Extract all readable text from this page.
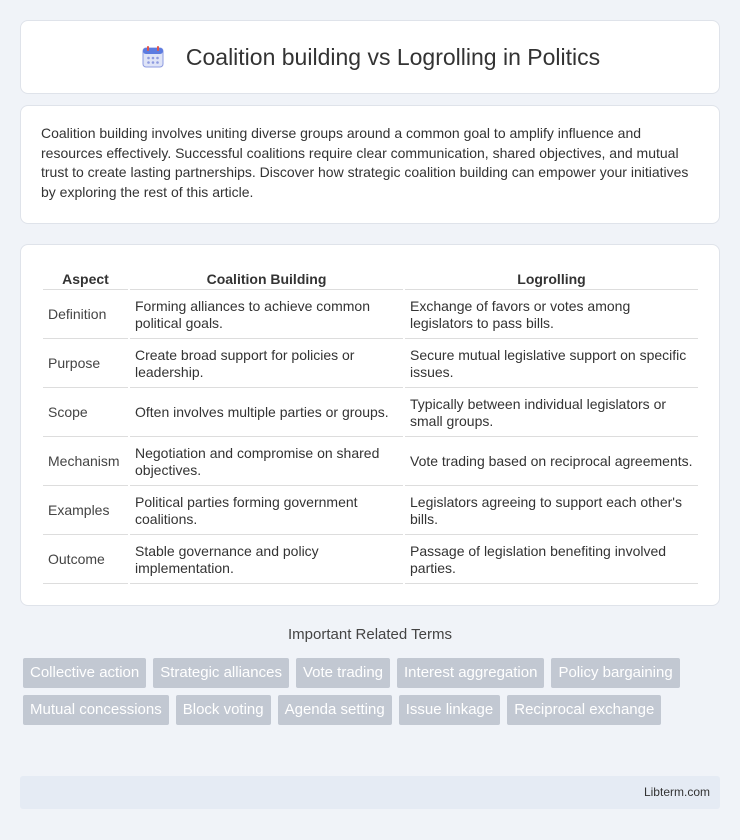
Coalition building vs Logrolling in Politics

Coalition building involves uniting diverse groups around a common goal to amplify influence and resources effectively. Successful coalitions require clear communication, shared objectives, and mutual trust to create lasting partnerships. Discover how strategic coalition building can empower your initiatives by exploring the rest of this article.

Aspect	Coalition Building	Logrolling
Definition	Forming alliances to achieve common political goals.	Exchange of favors or votes among legislators to pass bills.
Purpose	Create broad support for policies or leadership.	Secure mutual legislative support on specific issues.
Scope	Often involves multiple parties or groups.	Typically between individual legislators or small groups.
Mechanism	Negotiation and compromise on shared objectives.	Vote trading based on reciprocal agreements.
Examples	Political parties forming government coalitions.	Legislators agreeing to support each other's bills.
Outcome	Stable governance and policy implementation.	Passage of legislation benefiting involved parties.
Important Related Terms
Collective action	Strategic alliances	Vote trading	Interest aggregation	Policy bargaining
Mutual concessions	Block voting	Agenda setting	Issue linkage	Reciprocal exchange
Libterm.com
